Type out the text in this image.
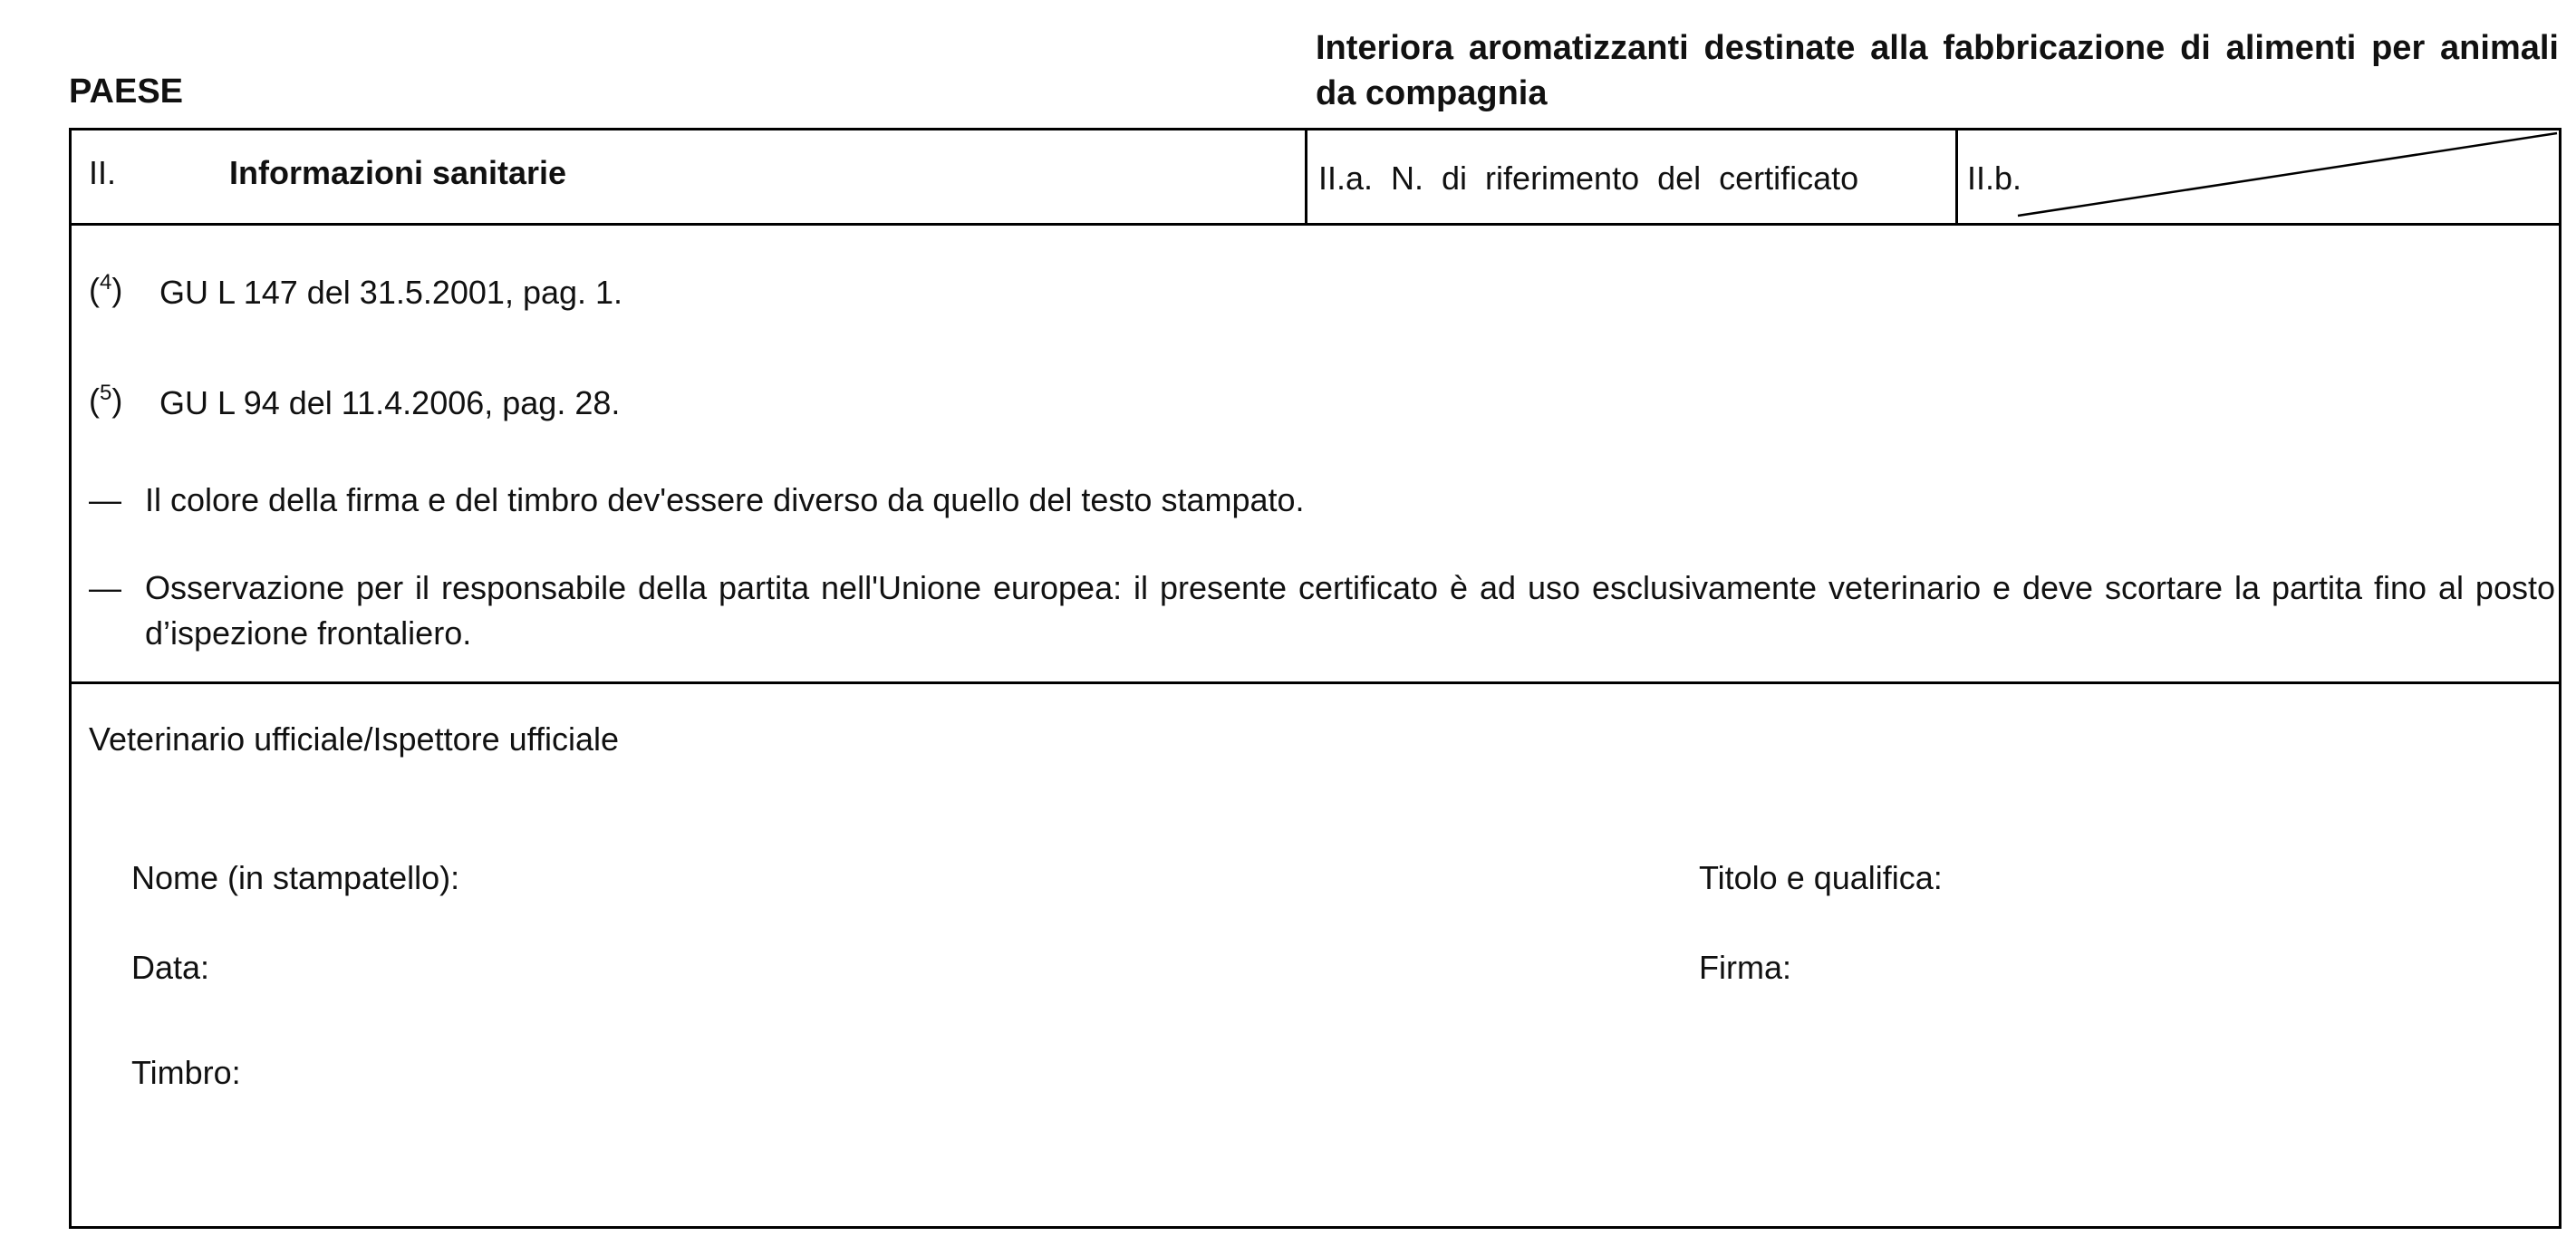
PAESE
Interiora aromatizzanti destinate alla fabbricazione di alimenti per animali da compagnia
II.	Informazioni sanitarie	II.a. N. di riferimento del certificato	II.b.
($^4$) GU L 147 del 31.5.2001, pag. 1.
($^5$) GU L 94 del 11.4.2006, pag. 28.
— Il colore della firma e del timbro dev'essere diverso da quello del testo stampato.
— Osservazione per il responsabile della partita nell'Unione europea: il presente certificato è ad uso esclusivamente veterinario e deve scortare la partita fino al posto d’ispezione frontaliero.
Veterinario ufficiale/Ispettore ufficiale
Nome (in stampatello):	Titolo e qualifica:
Data:	Firma:
Timbro:
